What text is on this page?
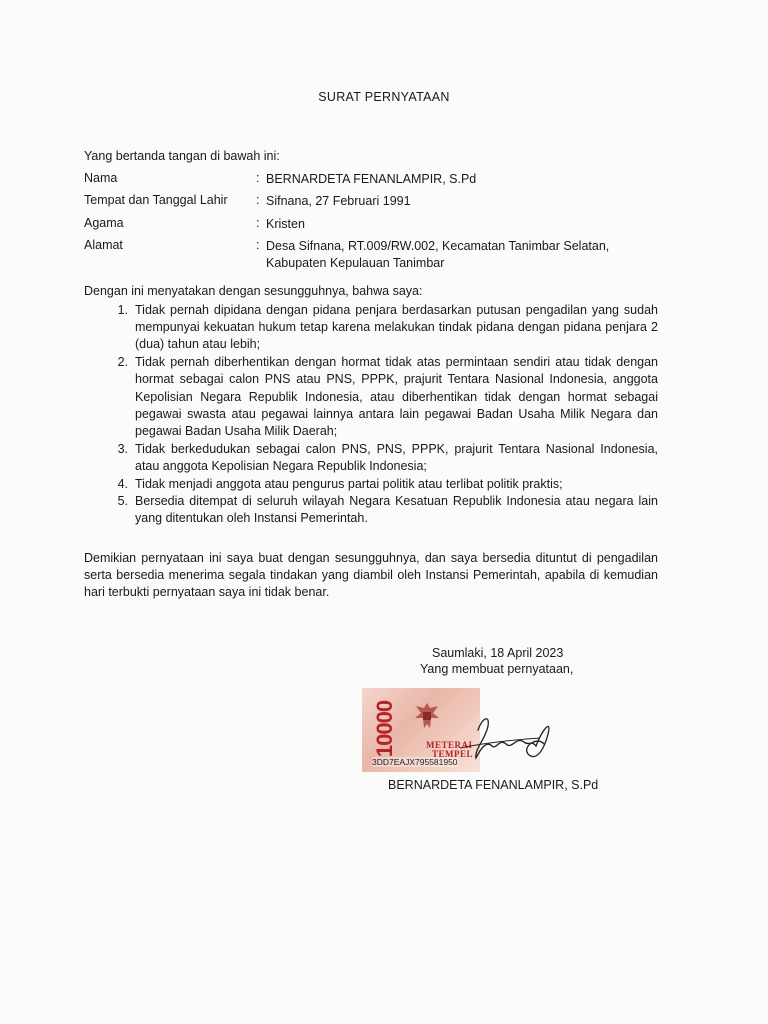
SURAT PERNYATAAN
Yang bertanda tangan di bawah ini:
Nama	: BERNARDETA FENANLAMPIR, S.Pd
Tempat dan Tanggal Lahir	: Sifnana, 27 Februari 1991
Agama	: Kristen
Alamat	: Desa Sifnana, RT.009/RW.002, Kecamatan Tanimbar Selatan,
Kabupaten Kepulauan Tanimbar
Dengan ini menyatakan dengan sesungguhnya, bahwa saya:
1. Tidak pernah dipidana dengan pidana penjara berdasarkan putusan pengadilan yang sudah mempunyai kekuatan hukum tetap karena melakukan tindak pidana dengan pidana penjara 2 (dua) tahun atau lebih;
2. Tidak pernah diberhentikan dengan hormat tidak atas permintaan sendiri atau tidak dengan hormat sebagai calon PNS atau PNS, PPPK, prajurit Tentara Nasional Indonesia, anggota Kepolisian Negara Republik Indonesia, atau diberhentikan tidak dengan hormat sebagai pegawai swasta atau pegawai lainnya antara lain pegawai Badan Usaha Milik Negara dan pegawai Badan Usaha Milik Daerah;
3. Tidak berkedudukan sebagai calon PNS, PNS, PPPK, prajurit Tentara Nasional Indonesia, atau anggota Kepolisian Negara Republik Indonesia;
4. Tidak menjadi anggota atau pengurus partai politik atau terlibat politik praktis;
5. Bersedia ditempat di seluruh wilayah Negara Kesatuan Republik Indonesia atau negara lain yang ditentukan oleh Instansi Pemerintah.
Demikian pernyataan ini saya buat dengan sesungguhnya, dan saya bersedia dituntut di pengadilan serta bersedia menerima segala tindakan yang diambil oleh Instansi Pemerintah, apabila di kemudian hari terbukti pernyataan saya ini tidak benar.
Saumlaki, 18 April 2023
Yang membuat pernyataan,
10000	METERAI
TEMPEL
3DD7EAJX795581950
BERNARDETA FENANLAMPIR, S.Pd
